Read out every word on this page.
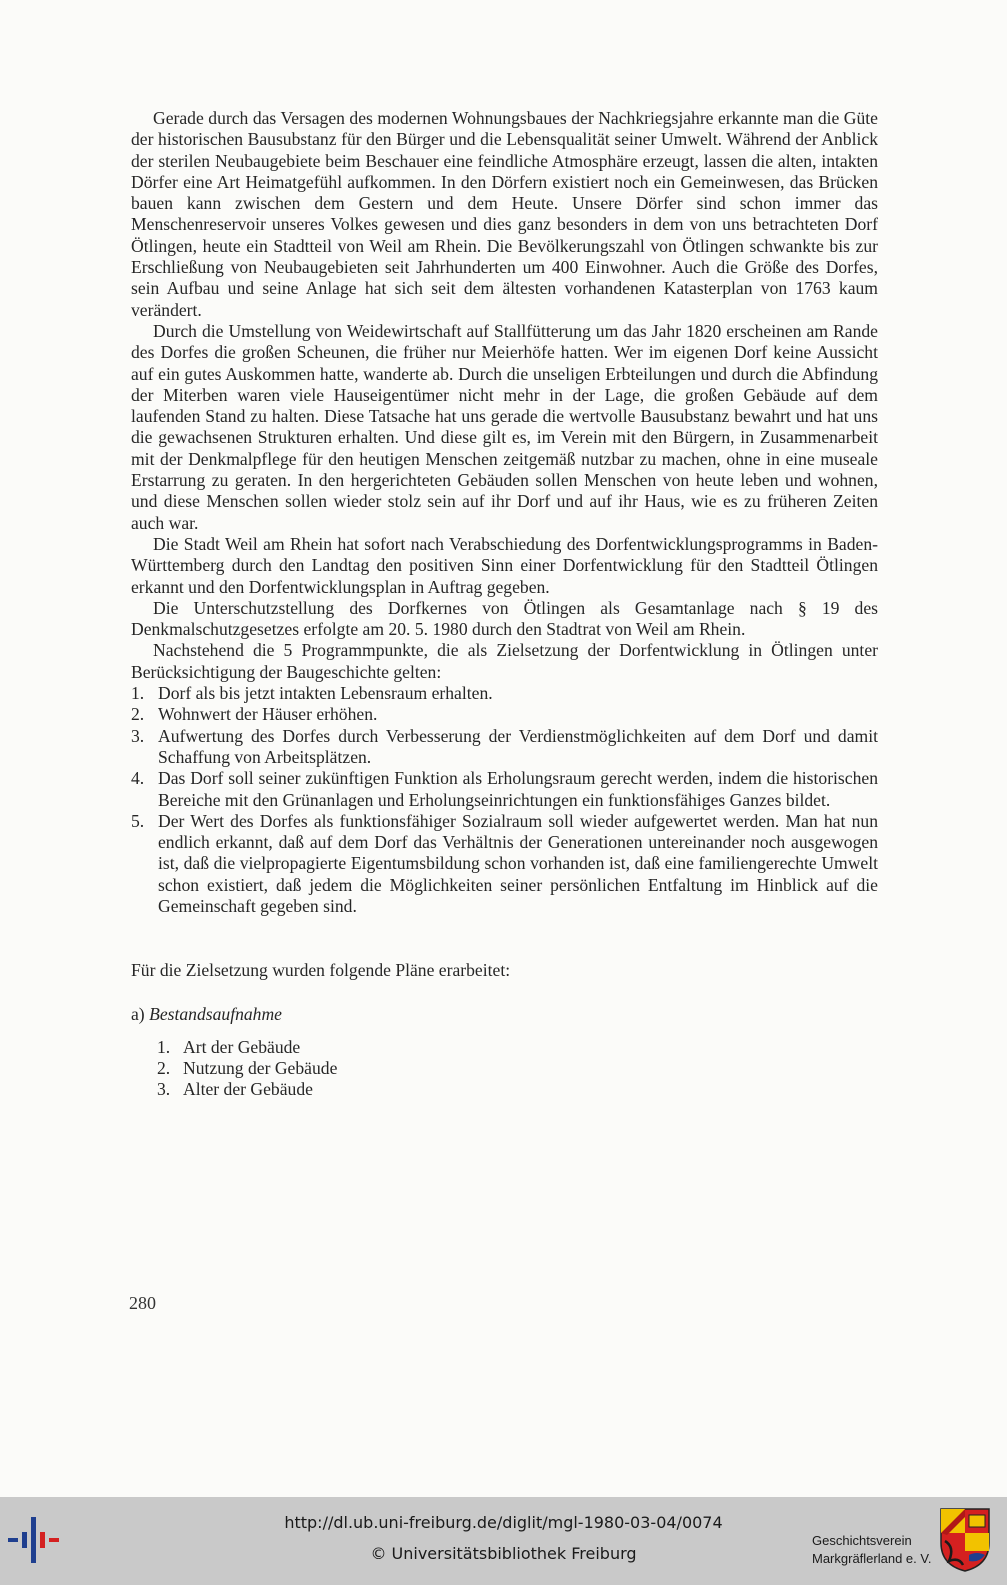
Gerade durch das Versagen des modernen Wohnungsbaues der Nachkriegsjahre erkannte man die Güte der historischen Bausubstanz für den Bürger und die Lebensqualität seiner Umwelt. Während der Anblick der sterilen Neubaugebiete beim Beschauer eine feindliche Atmosphäre erzeugt, lassen die alten, intakten Dörfer eine Art Heimatgefühl aufkommen. In den Dörfern existiert noch ein Gemeinwesen, das Brücken bauen kann zwischen dem Gestern und dem Heute. Unsere Dörfer sind schon immer das Menschenreservoir unseres Volkes gewesen und dies ganz besonders in dem von uns betrachteten Dorf Ötlingen, heute ein Stadtteil von Weil am Rhein. Die Bevölkerungszahl von Ötlingen schwankte bis zur Erschließung von Neubaugebieten seit Jahrhunderten um 400 Einwohner. Auch die Größe des Dorfes, sein Aufbau und seine Anlage hat sich seit dem ältesten vorhandenen Katasterplan von 1763 kaum verändert.

Durch die Umstellung von Weidewirtschaft auf Stallfütterung um das Jahr 1820 erscheinen am Rande des Dorfes die großen Scheunen, die früher nur Meierhöfe hatten. Wer im eigenen Dorf keine Aussicht auf ein gutes Auskommen hatte, wanderte ab. Durch die unseligen Erbteilungen und durch die Abfindung der Miterben waren viele Hauseigentümer nicht mehr in der Lage, die großen Gebäude auf dem laufenden Stand zu halten. Diese Tatsache hat uns gerade die wertvolle Bausubstanz bewahrt und hat uns die gewachsenen Strukturen erhalten. Und diese gilt es, im Verein mit den Bürgern, in Zusammenarbeit mit der Denkmalpflege für den heutigen Menschen zeitgemäß nutzbar zu machen, ohne in eine museale Erstarrung zu geraten. In den hergerichteten Gebäuden sollen Menschen von heute leben und wohnen, und diese Menschen sollen wieder stolz sein auf ihr Dorf und auf ihr Haus, wie es zu früheren Zeiten auch war.

Die Stadt Weil am Rhein hat sofort nach Verabschiedung des Dorfentwicklungsprogramms in Baden-Württemberg durch den Landtag den positiven Sinn einer Dorfentwicklung für den Stadtteil Ötlingen erkannt und den Dorfentwicklungsplan in Auftrag gegeben.

Die Unterschutzstellung des Dorfkernes von Ötlingen als Gesamtanlage nach § 19 des Denkmalschutzgesetzes erfolgte am 20. 5. 1980 durch den Stadtrat von Weil am Rhein.

Nachstehend die 5 Programmpunkte, die als Zielsetzung der Dorfentwicklung in Ötlingen unter Berücksichtigung der Baugeschichte gelten:

1. Dorf als bis jetzt intakten Lebensraum erhalten.
2. Wohnwert der Häuser erhöhen.
3. Aufwertung des Dorfes durch Verbesserung der Verdienstmöglichkeiten auf dem Dorf und damit Schaffung von Arbeitsplätzen.
4. Das Dorf soll seiner zukünftigen Funktion als Erholungsraum gerecht werden, indem die historischen Bereiche mit den Grünanlagen und Erholungseinrichtungen ein funktionsfähiges Ganzes bildet.
5. Der Wert des Dorfes als funktionsfähiger Sozialraum soll wieder aufgewertet werden. Man hat nun endlich erkannt, daß auf dem Dorf das Verhältnis der Generationen untereinander noch ausgewogen ist, daß die vielpropagierte Eigentumsbildung schon vorhanden ist, daß eine familiengerechte Umwelt schon existiert, daß jedem die Möglichkeiten seiner persönlichen Entfaltung im Hinblick auf die Gemeinschaft gegeben sind.

Für die Zielsetzung wurden folgende Pläne erarbeitet:

a) Bestandsaufnahme

1. Art der Gebäude
2. Nutzung der Gebäude
3. Alter der Gebäude
280
http://dl.ub.uni-freiburg.de/diglit/mgl-1980-03-04/0074
© Universitätsbibliothek Freiburg
Geschichtsverein
Markgräflerland e. V.
